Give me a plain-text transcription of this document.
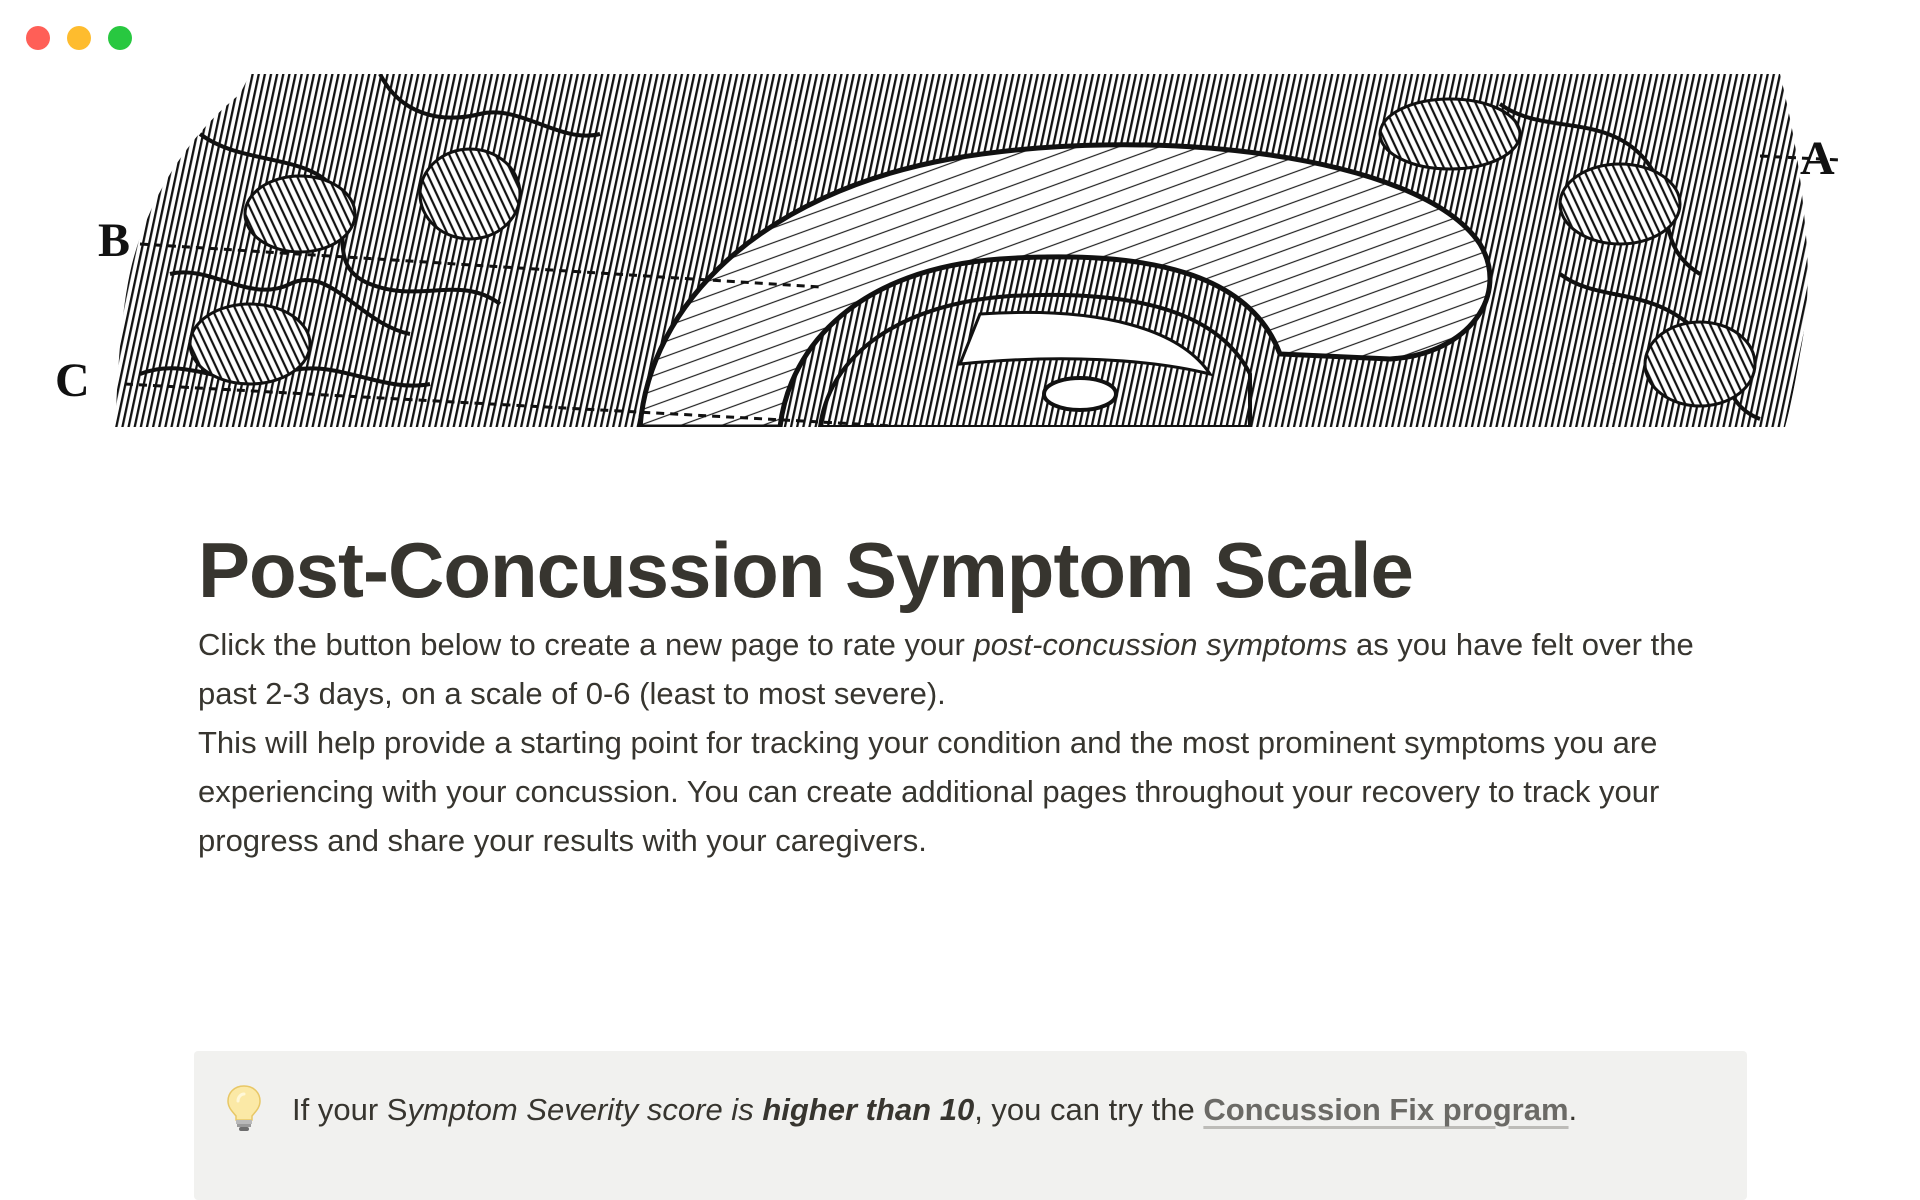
B
C
A
Post-Concussion Symptom Scale

Click the button below to create a new page to rate your post-concussion symptoms as you have felt over the past 2-3 days, on a scale of 0-6 (least to most severe).

This will help provide a starting point for tracking your condition and the most prominent symptoms you are experiencing with your concussion. You can create additional pages throughout your recovery to track your progress and share your results with your caregivers.

If your Symptom Severity score is higher than 10, you can try the Concussion Fix program.
